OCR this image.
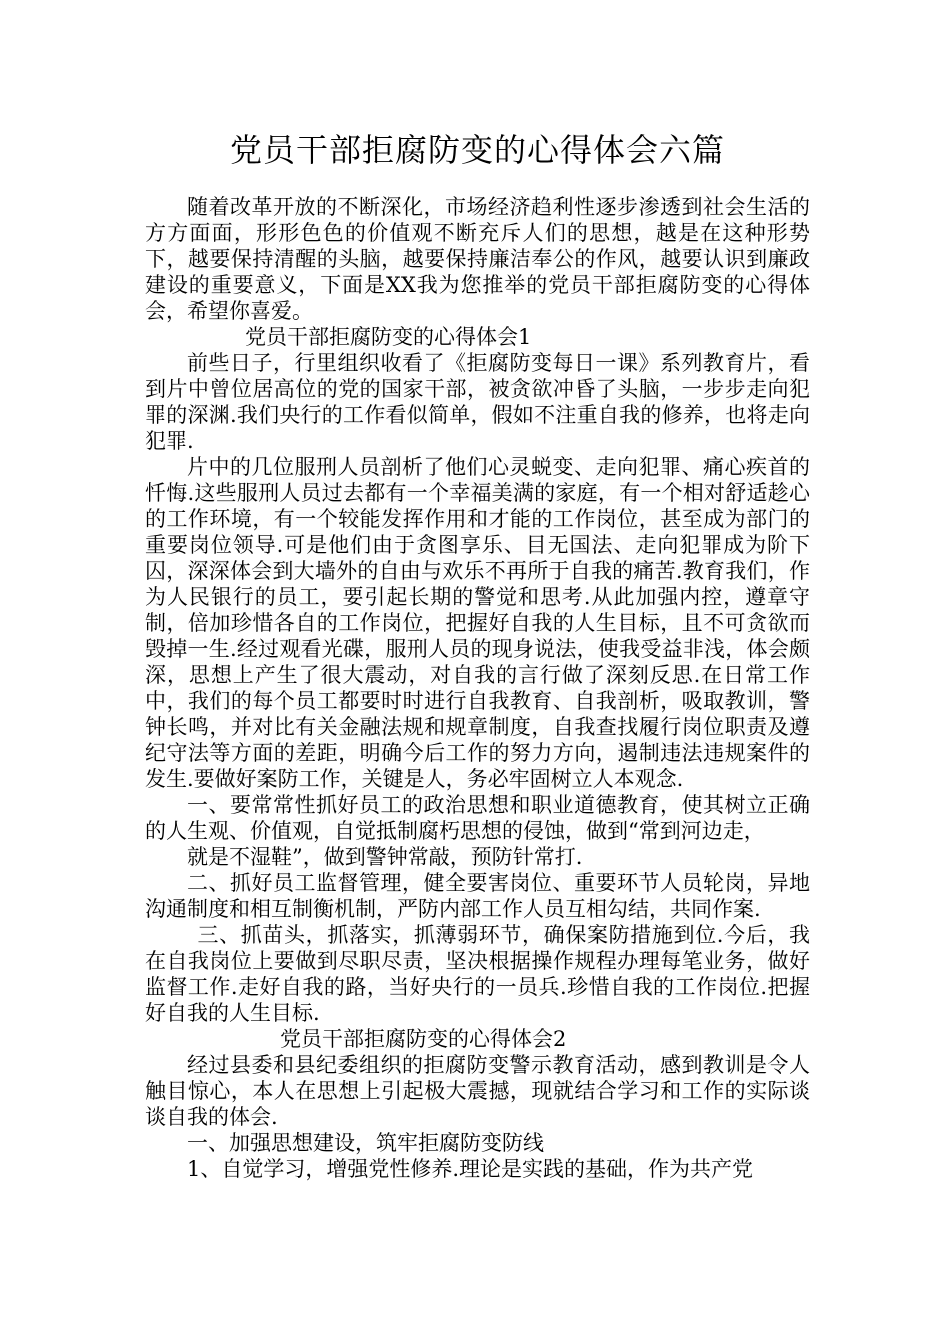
党员干部拒腐防变的心得体会六篇

随着改革开放的不断深化，市场经济趋利性逐步渗透到社会生活的方方面面，形形色色的价值观不断充斥人们的思想，越是在这种形势下，越要保持清醒的头脑，越要保持廉洁奉公的作风，越要认识到廉政建设的重要意义，下面是XX我为您推举的党员干部拒腐防变的心得体会，希望你喜爱。

党员干部拒腐防变的心得体会1

前些日子，行里组织收看了《拒腐防变每日一课》系列教育片，看到片中曾位居高位的党的国家干部，被贪欲冲昏了头脑，一步步走向犯罪的深渊.我们央行的工作看似简单，假如不注重自我的修养，也将走向犯罪.

片中的几位服刑人员剖析了他们心灵蜕变、走向犯罪、痛心疾首的忏悔.这些服刑人员过去都有一个幸福美满的家庭，有一个相对舒适趁心的工作环境，有一个较能发挥作用和才能的工作岗位，甚至成为部门的重要岗位领导.可是他们由于贪图享乐、目无国法、走向犯罪成为阶下囚，深深体会到大墙外的自由与欢乐不再所于自我的痛苦.教育我们，作为人民银行的员工，要引起长期的警觉和思考.从此加强内控，遵章守制，倍加珍惜各自的工作岗位，把握好自我的人生目标，且不可贪欲而毁掉一生.经过观看光碟，服刑人员的现身说法，使我受益非浅，体会颇深，思想上产生了很大震动，对自我的言行做了深刻反思.在日常工作中，我们的每个员工都要时时进行自我教育、自我剖析，吸取教训，警钟长鸣，并对比有关金融法规和规章制度，自我查找履行岗位职责及遵纪守法等方面的差距，明确今后工作的努力方向，遏制违法违规案件的发生.要做好案防工作，关键是人，务必牢固树立人本观念.

一、要常常性抓好员工的政治思想和职业道德教育，使其树立正确的人生观、价值观，自觉抵制腐朽思想的侵蚀，做到“常到河边走，

就是不湿鞋”，做到警钟常敲，预防针常打.

二、抓好员工监督管理，健全要害岗位、重要环节人员轮岗，异地沟通制度和相互制衡机制，严防内部工作人员互相勾结，共同作案.

三、抓苗头，抓落实，抓薄弱环节，确保案防措施到位.今后，我在自我岗位上要做到尽职尽责，坚决根据操作规程办理每笔业务，做好监督工作.走好自我的路，当好央行的一员兵.珍惜自我的工作岗位.把握好自我的人生目标.

党员干部拒腐防变的心得体会2

经过县委和县纪委组织的拒腐防变警示教育活动，感到教训是令人触目惊心，本人在思想上引起极大震撼，现就结合学习和工作的实际谈谈自我的体会.

一、加强思想建设，筑牢拒腐防变防线

1、自觉学习，增强党性修养.理论是实践的基础，作为共产党
